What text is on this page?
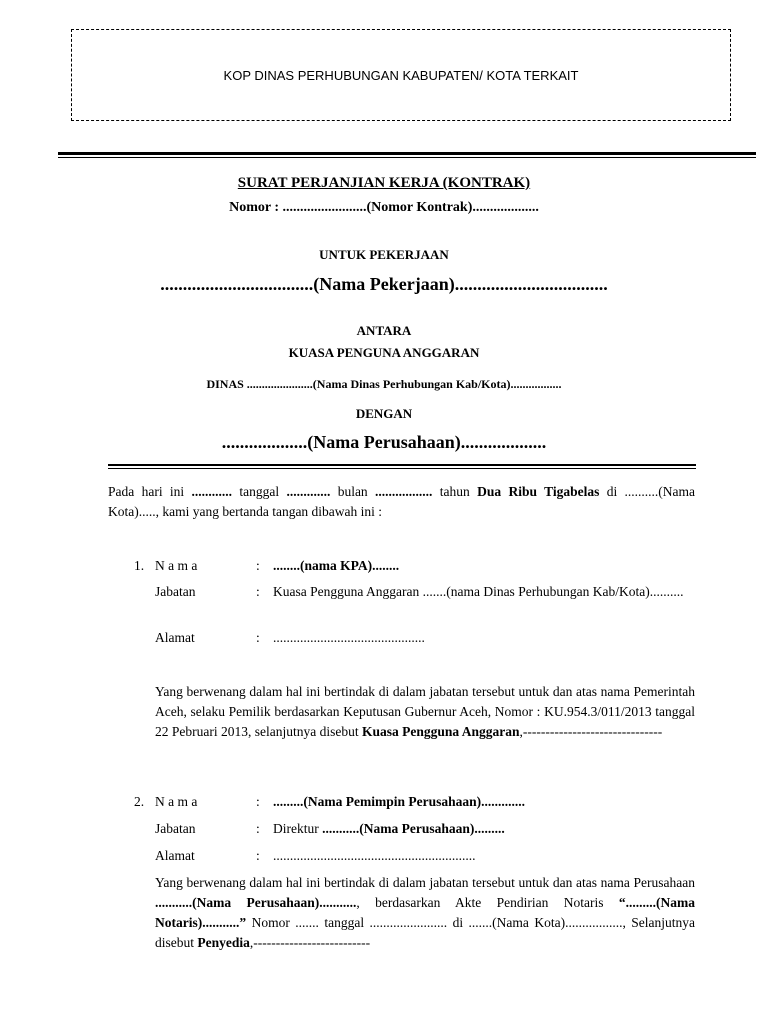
KOP DINAS PERHUBUNGAN KABUPATEN/ KOTA TERKAIT
SURAT PERJANJIAN KERJA (KONTRAK)
Nomor : ........................(Nomor Kontrak)...................
UNTUK PEKERJAAN
..................................(Nama Pekerjaan)..................................
ANTARA
KUASA PENGUNA ANGGARAN
DINAS ......................(Nama Dinas Perhubungan Kab/Kota).................
DENGAN
...................(Nama Perusahaan)...................
Pada hari ini ............ tanggal ............. bulan ................. tahun Dua Ribu Tigabelas di ..........(Nama Kota)....., kami yang bertanda tangan dibawah ini :
1. N a m a	: ........(nama KPA)........
Jabatan	: Kuasa Pengguna Anggaran .......(nama Dinas Perhubungan Kab/Kota)..........
Alamat	: .............................................
Yang berwenang dalam hal ini bertindak di dalam jabatan tersebut untuk dan atas nama Pemerintah Aceh, selaku Pemilik berdasarkan Keputusan Gubernur Aceh, Nomor : KU.954.3/011/2013 tanggal 22 Pebruari 2013, selanjutnya disebut Kuasa Pengguna Anggaran,-------------------------------
2. N a m a	: .........(Nama Pemimpin Perusahaan).............
Jabatan	: Direktur ...........(Nama Perusahaan).........
Alamat	: ............................................................
Yang berwenang dalam hal ini bertindak di dalam jabatan tersebut untuk dan atas nama Perusahaan ...........(Nama Perusahaan)..........., berdasarkan Akte Pendirian Notaris “.........(Nama Notaris)...........” Nomor ....... tanggal ....................... di .......(Nama Kota)................., Selanjutnya disebut Penyedia,--------------------------
